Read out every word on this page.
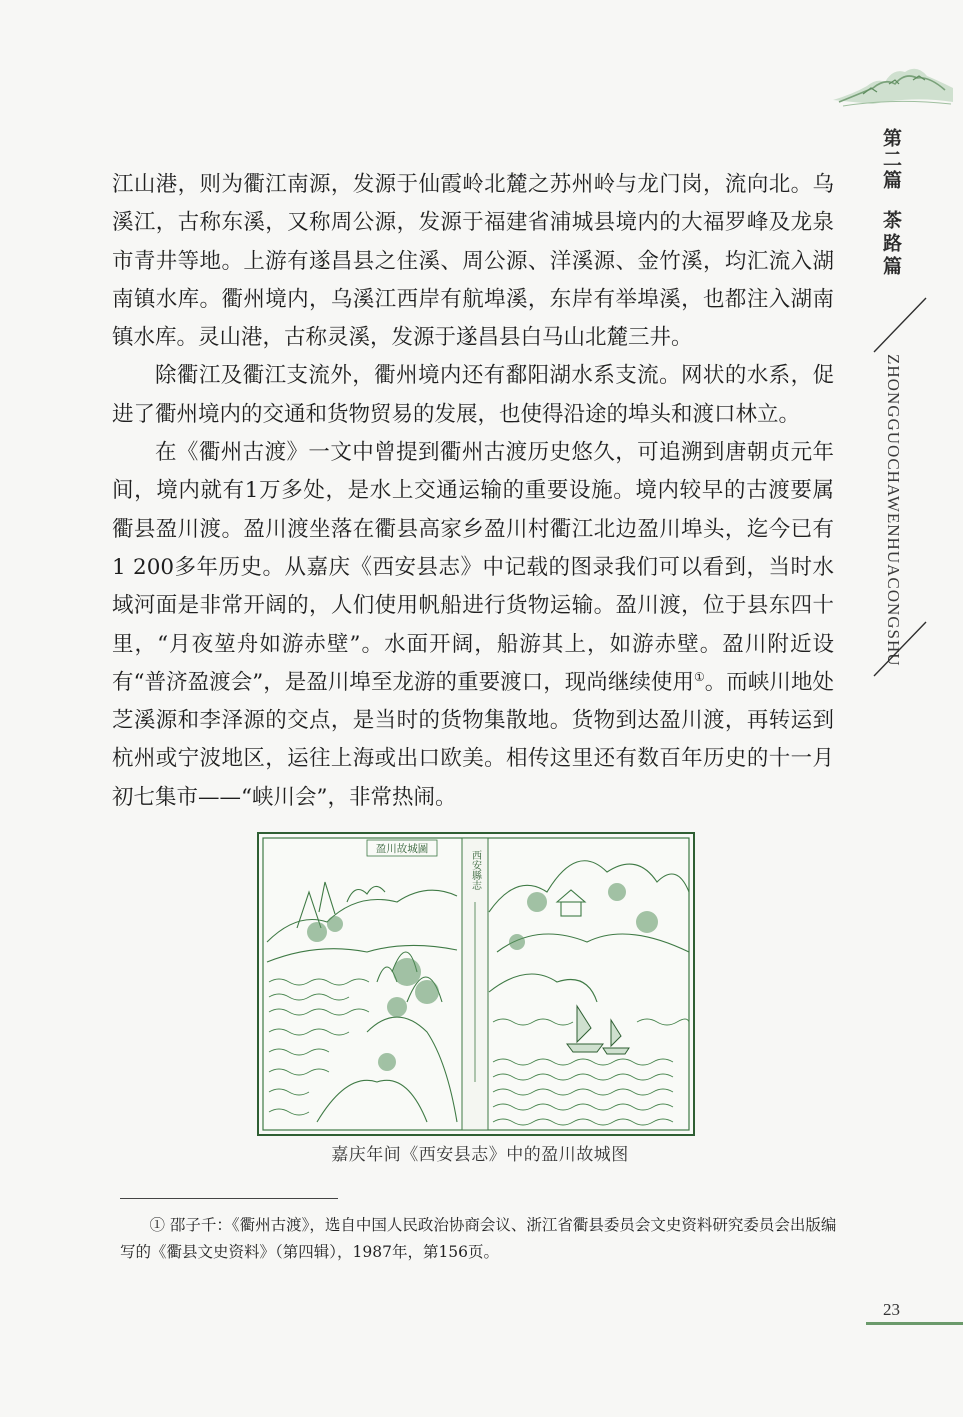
第二篇
茶路篇
ZHONGGUOCHAWENHUACONGSHU

江山港，则为衢江南源，发源于仙霞岭北麓之苏州岭与龙门岗，流向北。乌溪江，古称东溪，又称周公源，发源于福建省浦城县境内的大福罗峰及龙泉市青井等地。上游有遂昌县之住溪、周公源、洋溪源、金竹溪，均汇流入湖南镇水库。衢州境内，乌溪江西岸有航埠溪，东岸有举埠溪，也都注入湖南镇水库。灵山港，古称灵溪，发源于遂昌县白马山北麓三井。

除衢江及衢江支流外，衢州境内还有鄱阳湖水系支流。网状的水系，促进了衢州境内的交通和货物贸易的发展，也使得沿途的埠头和渡口林立。

在《衢州古渡》一文中曾提到衢州古渡历史悠久，可追溯到唐朝贞元年间，境内就有1万多处，是水上交通运输的重要设施。境内较早的古渡要属衢县盈川渡。盈川渡坐落在衢县高家乡盈川村衢江北边盈川埠头，迄今已有1 200多年历史。从嘉庆《西安县志》中记载的图录我们可以看到，当时水域河面是非常开阔的，人们使用帆船进行货物运输。盈川渡，位于县东四十里，“月夜堃舟如游赤壁”。水面开阔，船游其上，如游赤壁。盈川附近设有“普济盈渡会”，是盈川埠至龙游的重要渡口，现尚继续使用①。而峡川地处芝溪源和李泽源的交点，是当时的货物集散地。货物到达盈川渡，再转运到杭州或宁波地区，运往上海或出口欧美。相传这里还有数百年历史的十一月初七集市——“峡川会”，非常热闹。

盈川故城圖
西安縣志
嘉庆年间《西安县志》中的盈川故城图

① 邵子千：《衢州古渡》，选自中国人民政治协商会议、浙江省衢县委员会文史资料研究委员会出版编写的《衢县文史资料》（第四辑），1987年，第156页。

23
